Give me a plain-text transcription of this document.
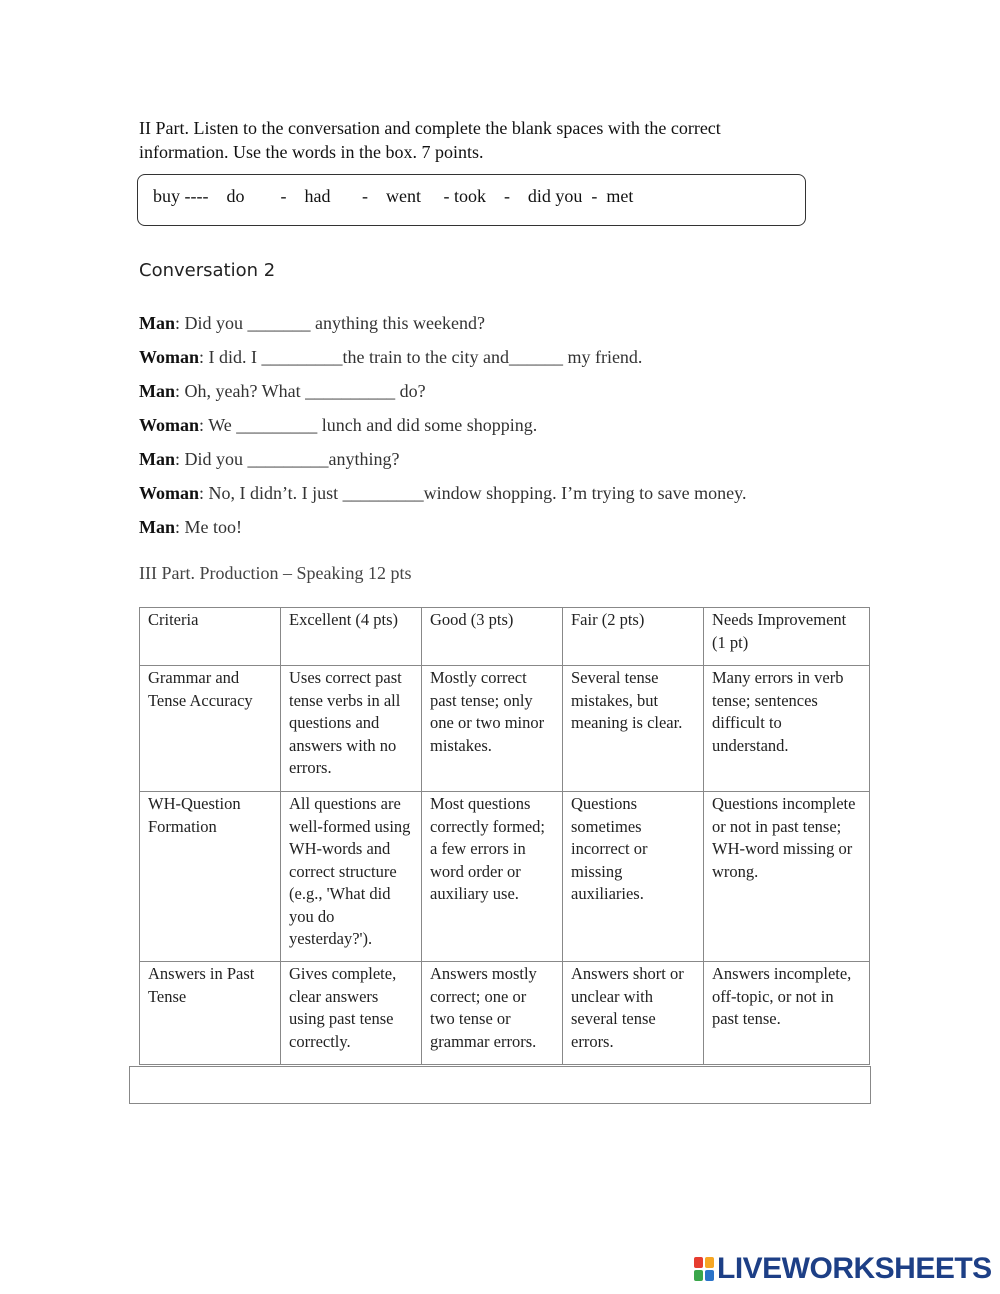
II Part. Listen to the conversation and complete the blank spaces with the correct
information. Use the words in the box. 7 points.
buy ----    do        -    had       -    went     - took    -    did you  -  met
Conversation 2
Man: Did you _______ anything this weekend?
Woman: I did. I _________the train to the city and______ my friend.
Man: Oh, yeah? What __________ do?
Woman: We _________ lunch and did some shopping.
Man: Did you _________anything?
Woman: No, I didn’t. I just _________window shopping. I’m trying to save money.
Man: Me too!
III Part. Production – Speaking 12 pts
Criteria	Excellent (4 pts)	Good (3 pts)	Fair (2 pts)	Needs Improvement (1 pt)
Grammar and Tense Accuracy	Uses correct past tense verbs in all questions and answers with no errors.	Mostly correct past tense; only one or two minor mistakes.	Several tense mistakes, but meaning is clear.	Many errors in verb tense; sentences difficult to understand.
WH-Question Formation	All questions are well-formed using WH-words and correct structure (e.g., 'What did you do yesterday?').	Most questions correctly formed; a few errors in word order or auxiliary use.	Questions sometimes incorrect or missing auxiliaries.	Questions incomplete or not in past tense; WH-word missing or wrong.
Answers in Past Tense	Gives complete, clear answers using past tense correctly.	Answers mostly correct; one or two tense or grammar errors.	Answers short or unclear with several tense errors.	Answers incomplete, off-topic, or not in past tense.
LIVEWORKSHEETS
